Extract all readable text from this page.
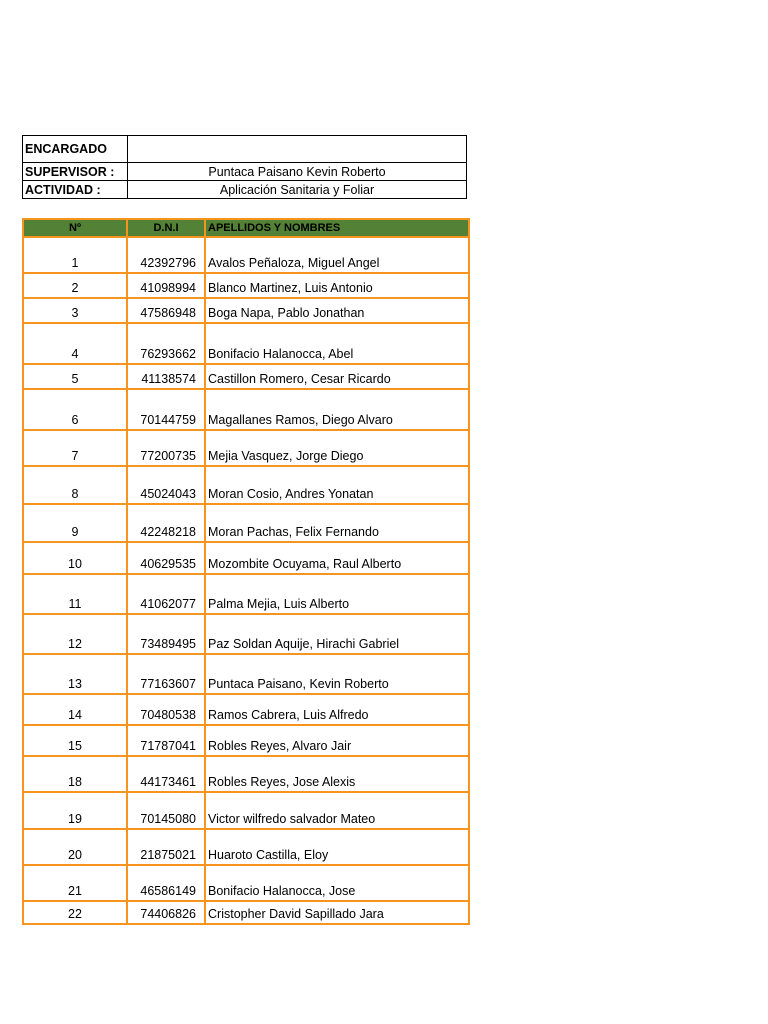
ENCARGADO	
SUPERVISOR :	Puntaca Paisano Kevin Roberto
ACTIVIDAD :	Aplicación Sanitaria y Foliar
Nº	D.N.I	APELLIDOS Y NOMBRES
1	42392796	Avalos Peñaloza, Miguel Angel
2	41098994	Blanco Martinez, Luis Antonio
3	47586948	Boga Napa, Pablo Jonathan
4	76293662	Bonifacio Halanocca, Abel
5	41138574	Castillon Romero, Cesar Ricardo
6	70144759	Magallanes Ramos, Diego Alvaro
7	77200735	Mejia Vasquez, Jorge Diego
8	45024043	Moran Cosio, Andres Yonatan
9	42248218	Moran Pachas, Felix Fernando
10	40629535	Mozombite Ocuyama, Raul Alberto
11	41062077	Palma Mejia, Luis Alberto
12	73489495	Paz Soldan Aquije, Hirachi Gabriel
13	77163607	Puntaca Paisano, Kevin Roberto
14	70480538	Ramos Cabrera, Luis Alfredo
15	71787041	Robles Reyes, Alvaro Jair
18	44173461	Robles Reyes, Jose Alexis
19	70145080	Victor wilfredo salvador Mateo
20	21875021	Huaroto Castilla, Eloy
21	46586149	Bonifacio Halanocca, Jose
22	74406826	Cristopher David Sapillado Jara
